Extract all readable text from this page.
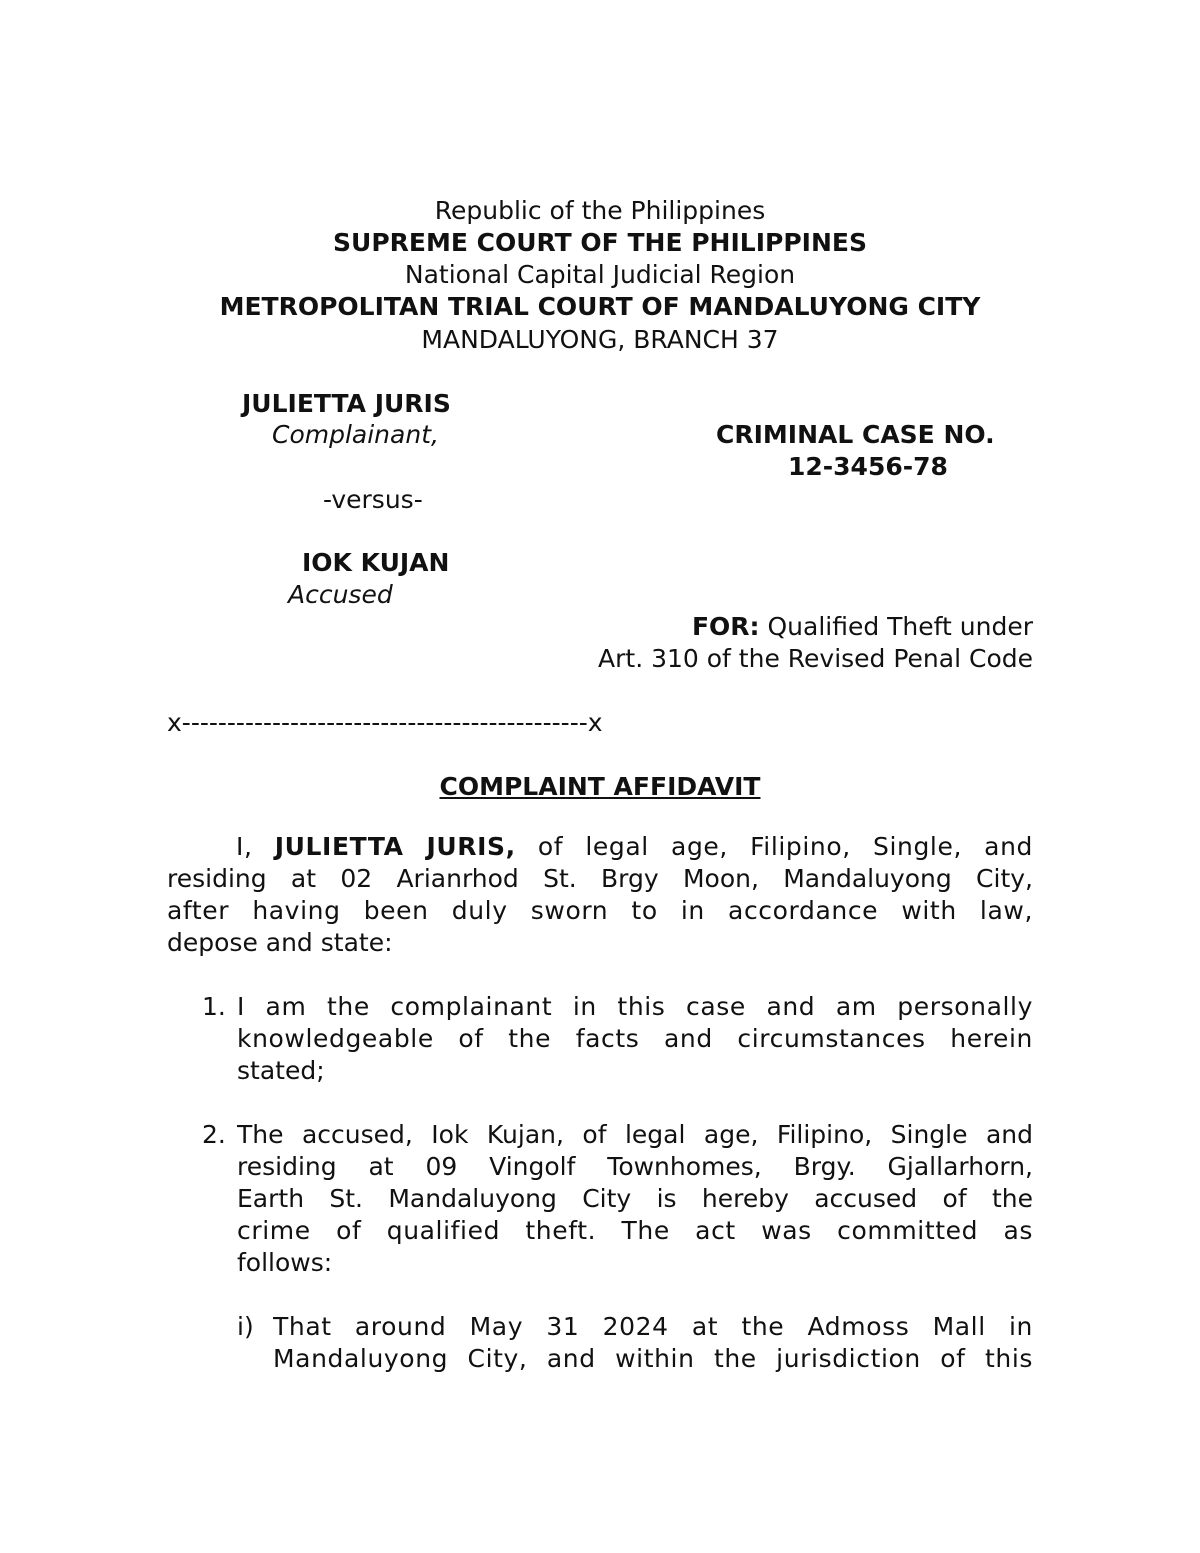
Republic of the Philippines
SUPREME COURT OF THE PHILIPPINES
National Capital Judicial Region
METROPOLITAN TRIAL COURT OF MANDALUYONG CITY
MANDALUYONG, BRANCH 37
JULIETTA JURIS
Complainant,
-versus-
IOK KUJAN
Accused
CRIMINAL CASE NO.
12-3456-78
FOR: Qualified Theft under
Art. 310 of the Revised Penal Code
x---------------------------------------------x
COMPLAINT AFFIDAVIT
I, JULIETTA JURIS, of legal age, Filipino, Single, and
residing at 02 Arianrhod St. Brgy Moon, Mandaluyong City,
after having been duly sworn to in accordance with law,
depose and state:
1. I am the complainant in this case and am personally
knowledgeable of the facts and circumstances herein
stated;
2. The accused, Iok Kujan, of legal age, Filipino, Single and
residing at 09 Vingolf Townhomes, Brgy. Gjallarhorn,
Earth St. Mandaluyong City is hereby accused of the
crime of qualified theft. The act was committed as
follows:
i) That around May 31 2024 at the Admoss Mall in
Mandaluyong City, and within the jurisdiction of this
